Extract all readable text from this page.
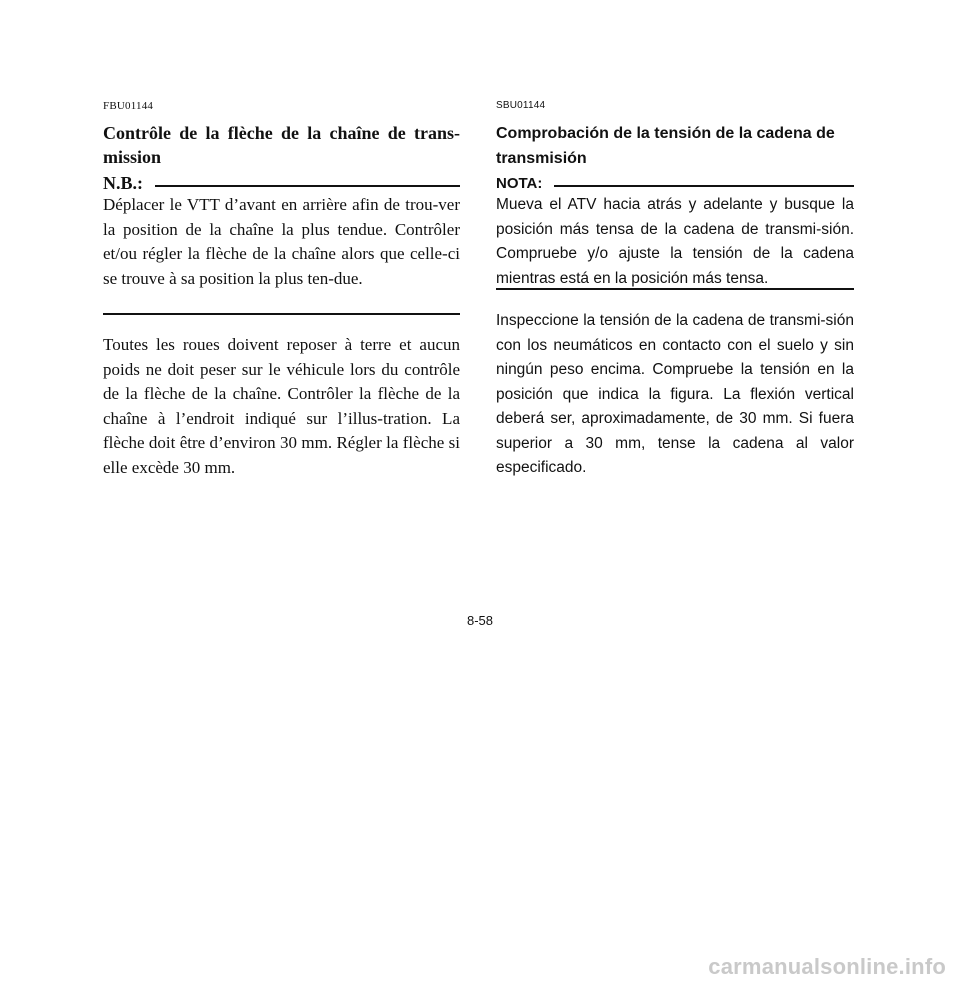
FBU01144
Contrôle de la flèche de la chaîne de trans-mission
N.B.:

Déplacer le VTT d’avant en arrière afin de trou-ver la position de la chaîne la plus tendue. Contrôler et/ou régler la flèche de la chaîne alors que celle-ci se trouve à sa position la plus ten-due.

Toutes les roues doivent reposer à terre et aucun poids ne doit peser sur le véhicule lors du contrôle de la flèche de la chaîne. Contrôler la flèche de la chaîne à l’endroit indiqué sur l’illus-tration. La flèche doit être d’environ 30 mm. Régler la flèche si elle excède 30 mm.

SBU01144
Comprobación de la tensión de la cadena de transmisión
NOTA:

Mueva el ATV hacia atrás y adelante y busque la posición más tensa de la cadena de transmi-sión. Compruebe y/o ajuste la tensión de la cadena mientras está en la posición más tensa.

Inspeccione la tensión de la cadena de transmi-sión con los neumáticos en contacto con el suelo y sin ningún peso encima. Compruebe la tensión en la posición que indica la figura. La flexión vertical deberá ser, aproximadamente, de 30 mm. Si fuera superior a 30 mm, tense la cadena al valor especificado.

8-58
carmanualsonline.info
